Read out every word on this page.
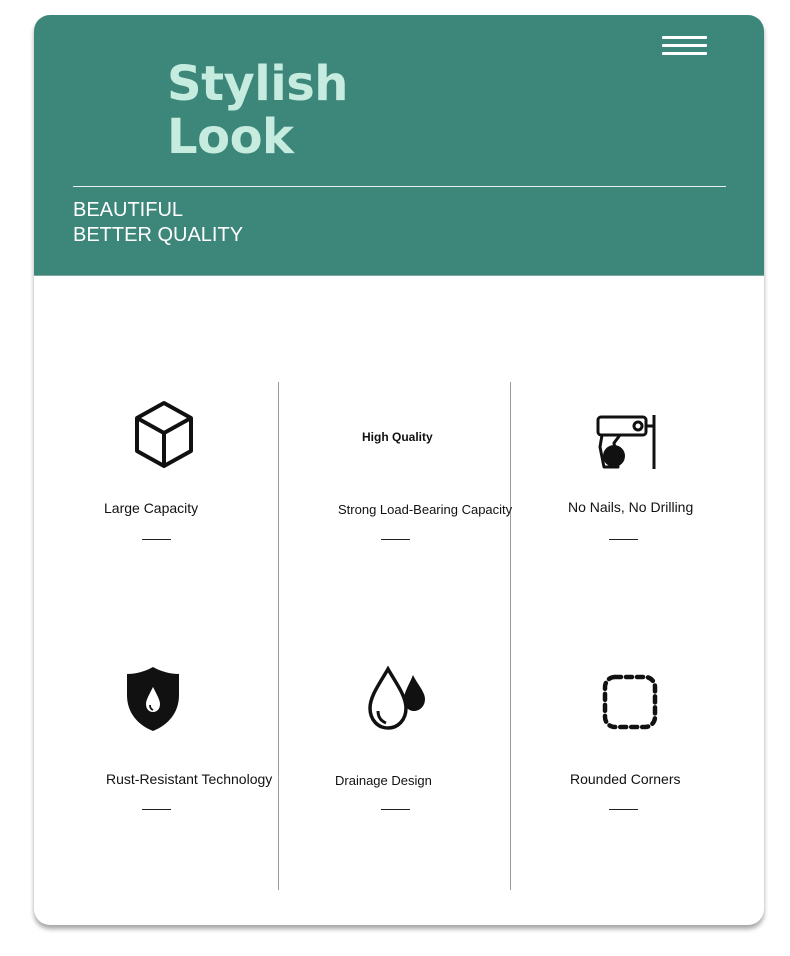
Stylish
Look
BEAUTIFUL
BETTER QUALITY
Large Capacity
High Quality
Strong Load-Bearing Capacity	No Nails, No Drilling
Rust-Resistant Technology	Drainage Design	Rounded Corners
